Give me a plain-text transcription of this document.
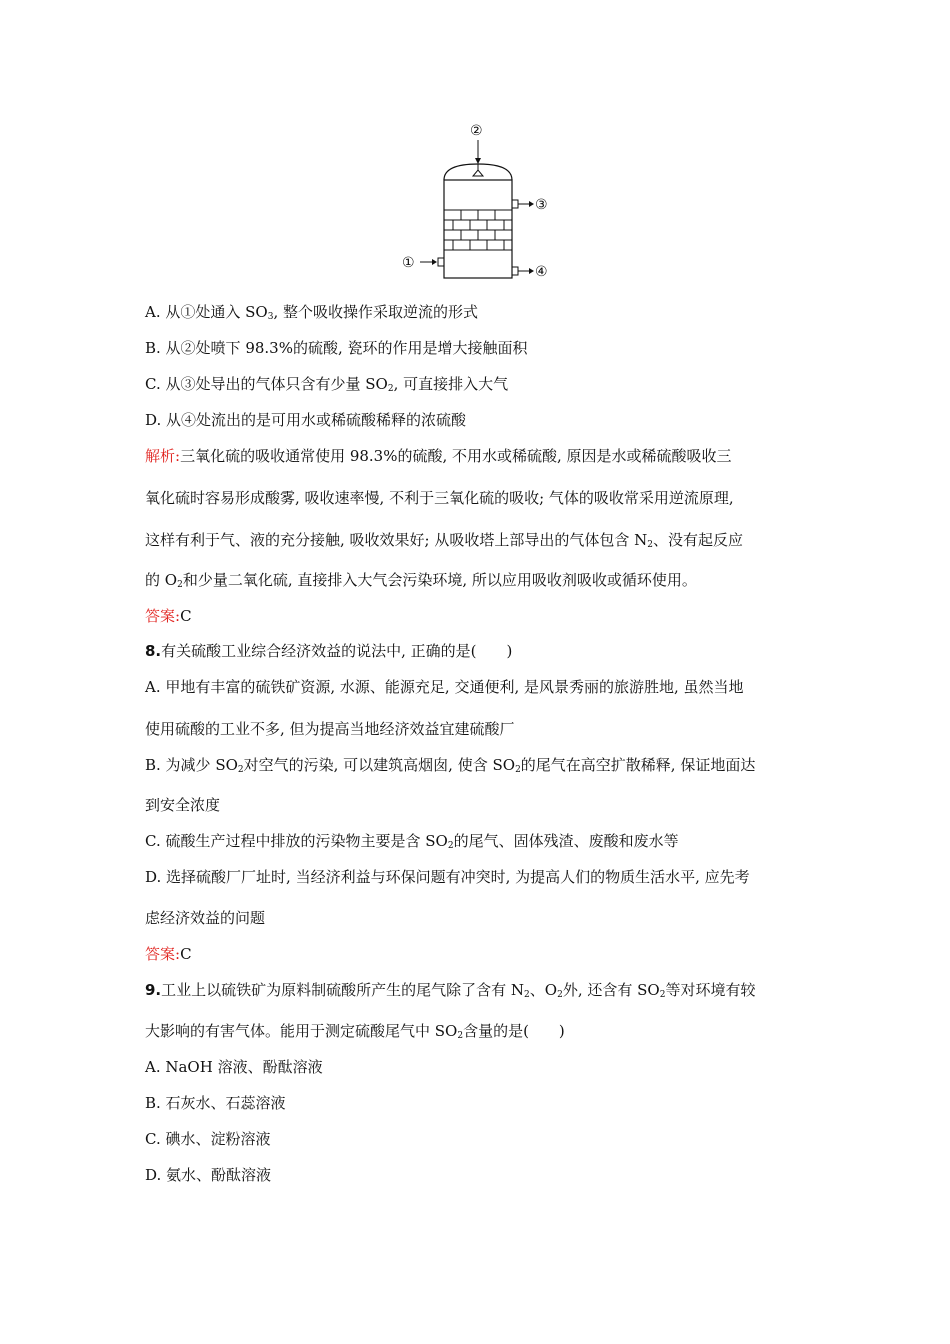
②
③
①
④
A. 从①处通入 $SO_3$, 整个吸收操作采取逆流的形式
B. 从②处喷下 98.3%的硫酸, 瓷环的作用是增大接触面积
C. 从③处导出的气体只含有少量 $SO_2$, 可直接排入大气
D. 从④处流出的是可用水或稀硫酸稀释的浓硫酸
解析:三氧化硫的吸收通常使用 98.3%的硫酸, 不用水或稀硫酸, 原因是水或稀硫酸吸收三
氧化硫时容易形成酸雾, 吸收速率慢, 不利于三氧化硫的吸收; 气体的吸收常采用逆流原理,
这样有利于气、液的充分接触, 吸收效果好; 从吸收塔上部导出的气体包含 $N_2$、没有起反应
的 $O_2$和少量二氧化硫, 直接排入大气会污染环境, 所以应用吸收剂吸收或循环使用。
答案:C
8.有关硫酸工业综合经济效益的说法中, 正确的是(　　)
A. 甲地有丰富的硫铁矿资源, 水源、能源充足, 交通便利, 是风景秀丽的旅游胜地, 虽然当地
使用硫酸的工业不多, 但为提高当地经济效益宜建硫酸厂
B. 为减少 $SO_2$对空气的污染, 可以建筑高烟囱, 使含 $SO_2$的尾气在高空扩散稀释, 保证地面达
到安全浓度
C. 硫酸生产过程中排放的污染物主要是含 $SO_2$的尾气、固体残渣、废酸和废水等
D. 选择硫酸厂厂址时, 当经济利益与环保问题有冲突时, 为提高人们的物质生活水平, 应先考
虑经济效益的问题
答案:C
9.工业上以硫铁矿为原料制硫酸所产生的尾气除了含有 $N_2$、$O_2$外, 还含有 $SO_2$等对环境有较
大影响的有害气体。能用于测定硫酸尾气中 $SO_2$含量的是(　　)
A. NaOH 溶液、酚酞溶液
B. 石灰水、石蕊溶液
C. 碘水、淀粉溶液
D. 氨水、酚酞溶液
